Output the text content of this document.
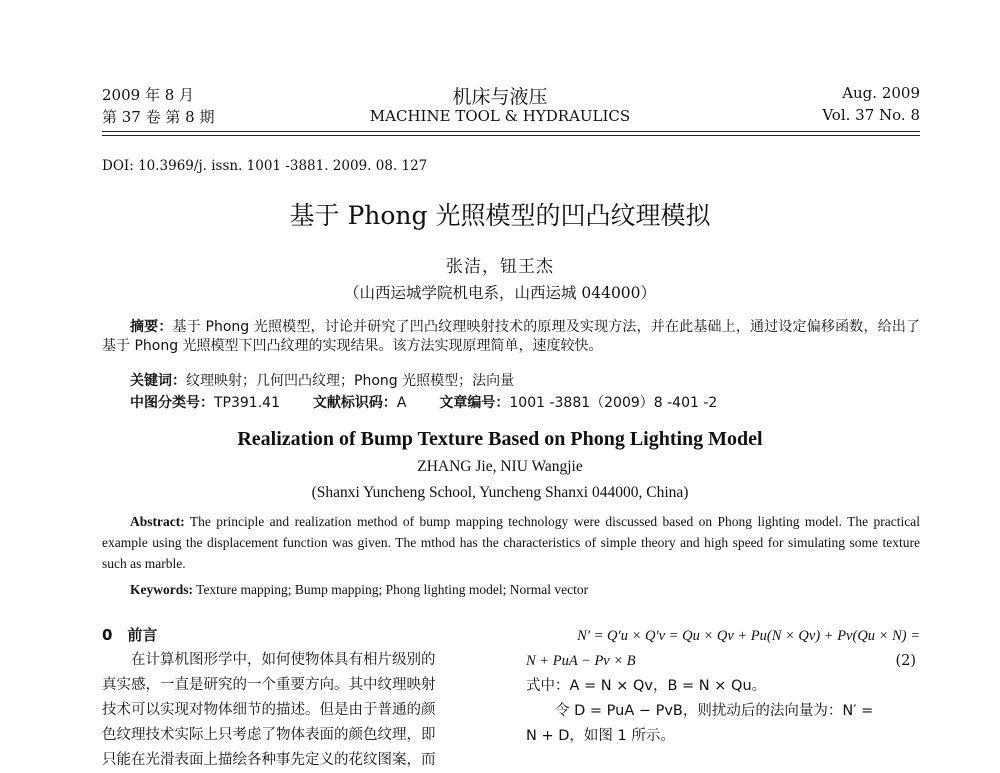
2009 年 8 月
第 37 卷 第 8 期
机床与液压
MACHINE TOOL & HYDRAULICS
Aug. 2009
Vol. 37 No. 8
DOI: 10.3969/j. issn. 1001 -3881. 2009. 08. 127
基于 Phong 光照模型的凹凸纹理模拟
张洁，钮王杰
（山西运城学院机电系，山西运城 044000）
摘要：基于 Phong 光照模型，讨论并研究了凹凸纹理映射技术的原理及实现方法，并在此基础上，通过设定偏移函数，给出了基于 Phong 光照模型下凹凸纹理的实现结果。该方法实现原理简单，速度较快。
关键词：纹理映射；几何凹凸纹理；Phong 光照模型；法向量
中图分类号：TP391.41 文献标识码：A 文章编号：1001 -3881（2009）8 -401 -2
Realization of Bump Texture Based on Phong Lighting Model
ZHANG Jie, NIU Wangjie
(Shanxi Yuncheng School, Yuncheng Shanxi 044000, China)
Abstract: The principle and realization method of bump mapping technology were discussed based on Phong lighting model. The practical example using the displacement function was given. The mthod has the characteristics of simple theory and high speed for simulating some texture such as marble.
Keywords: Texture mapping; Bump mapping; Phong lighting model; Normal vector
0　前言
　　在计算机图形学中，如何使物体具有相片级别的
真实感，一直是研究的一个重要方向。其中纹理映射
技术可以实现对物体细节的描述。但是由于普通的颜
色纹理技术实际上只考虑了物体表面的颜色纹理，即
只能在光滑表面上描绘各种事先定义的花纹图案，而
N′ = Q′u × Q′v = Qu × Qv + Pu(N × Qv) + Pv(Qu × N) =
N + PuA − Pv × B	(2)
式中：A = N × Qv，B = N × Qu。
　　令 D = PuA − PvB，则扰动后的法向量为：N′ =
N + D，如图 1 所示。
